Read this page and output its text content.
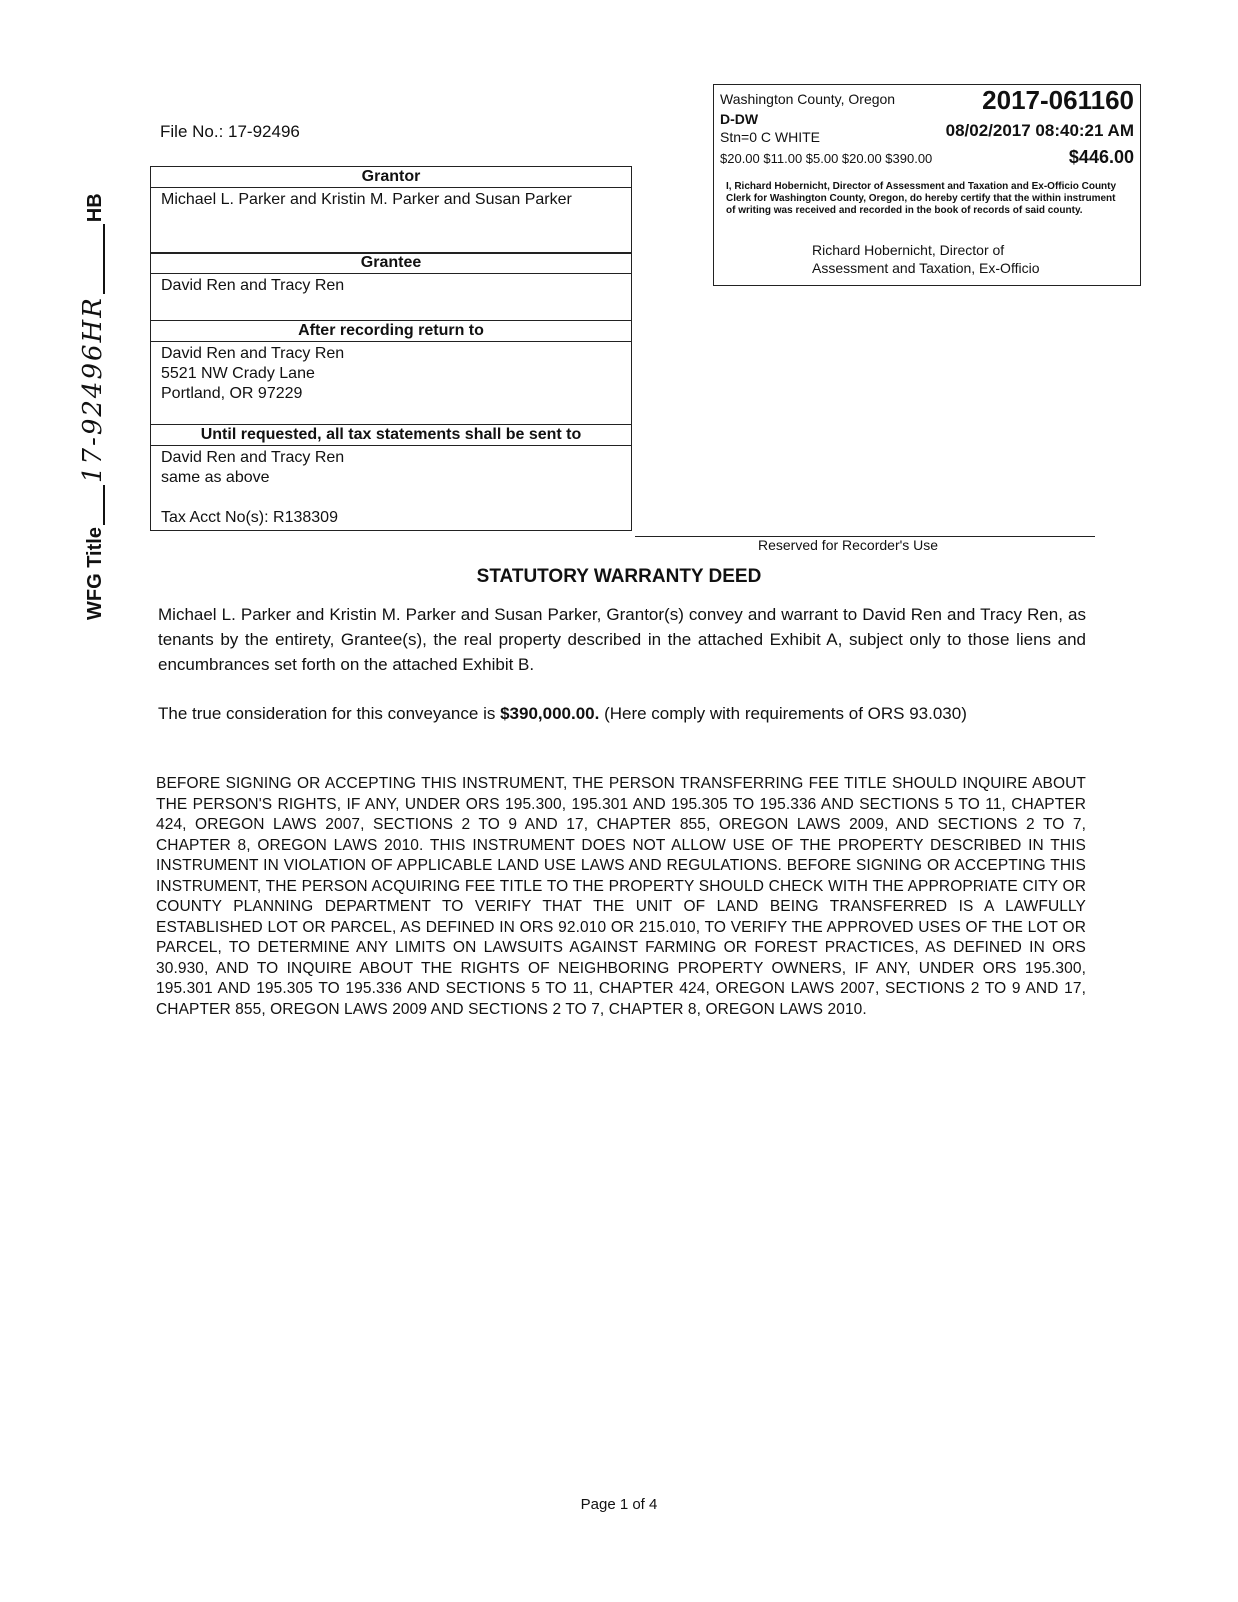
WFG Title17-92496HRHB
File No.: 17-92496
Grantor
Michael L. Parker and Kristin M. Parker and Susan Parker
Grantee
David Ren and Tracy Ren
After recording return to
David Ren and Tracy Ren
5521 NW Crady Lane
Portland, OR 97229
Until requested, all tax statements shall be sent to
David Ren and Tracy Ren
same as above
Tax Acct No(s): R138309
Washington County, Oregon	2017-061160
D-DW
Stn=0 C WHITE	08/02/2017 08:40:21 AM
$20.00 $11.00 $5.00 $20.00 $390.00	$446.00
I, Richard Hobernicht, Director of Assessment and Taxation and Ex-Officio County Clerk for Washington County, Oregon, do hereby certify that the within instrument of writing was received and recorded in the book of records of said county.
Richard Hobernicht, Director of
Assessment and Taxation, Ex-Officio
Reserved for Recorder's Use
STATUTORY WARRANTY DEED
Michael L. Parker and Kristin M. Parker and Susan Parker, Grantor(s) convey and warrant to David Ren and Tracy Ren, as tenants by the entirety, Grantee(s), the real property described in the attached Exhibit A, subject only to those liens and encumbrances set forth on the attached Exhibit B.
The true consideration for this conveyance is $390,000.00. (Here comply with requirements of ORS 93.030)
BEFORE SIGNING OR ACCEPTING THIS INSTRUMENT, THE PERSON TRANSFERRING FEE TITLE SHOULD INQUIRE ABOUT THE PERSON'S RIGHTS, IF ANY, UNDER ORS 195.300, 195.301 AND 195.305 TO 195.336 AND SECTIONS 5 TO 11, CHAPTER 424, OREGON LAWS 2007, SECTIONS 2 TO 9 AND 17, CHAPTER 855, OREGON LAWS 2009, AND SECTIONS 2 TO 7, CHAPTER 8, OREGON LAWS 2010. THIS INSTRUMENT DOES NOT ALLOW USE OF THE PROPERTY DESCRIBED IN THIS INSTRUMENT IN VIOLATION OF APPLICABLE LAND USE LAWS AND REGULATIONS. BEFORE SIGNING OR ACCEPTING THIS INSTRUMENT, THE PERSON ACQUIRING FEE TITLE TO THE PROPERTY SHOULD CHECK WITH THE APPROPRIATE CITY OR COUNTY PLANNING DEPARTMENT TO VERIFY THAT THE UNIT OF LAND BEING TRANSFERRED IS A LAWFULLY ESTABLISHED LOT OR PARCEL, AS DEFINED IN ORS 92.010 OR 215.010, TO VERIFY THE APPROVED USES OF THE LOT OR PARCEL, TO DETERMINE ANY LIMITS ON LAWSUITS AGAINST FARMING OR FOREST PRACTICES, AS DEFINED IN ORS 30.930, AND TO INQUIRE ABOUT THE RIGHTS OF NEIGHBORING PROPERTY OWNERS, IF ANY, UNDER ORS 195.300, 195.301 AND 195.305 TO 195.336 AND SECTIONS 5 TO 11, CHAPTER 424, OREGON LAWS 2007, SECTIONS 2 TO 9 AND 17, CHAPTER 855, OREGON LAWS 2009 AND SECTIONS 2 TO 7, CHAPTER 8, OREGON LAWS 2010.
Page 1 of 4
